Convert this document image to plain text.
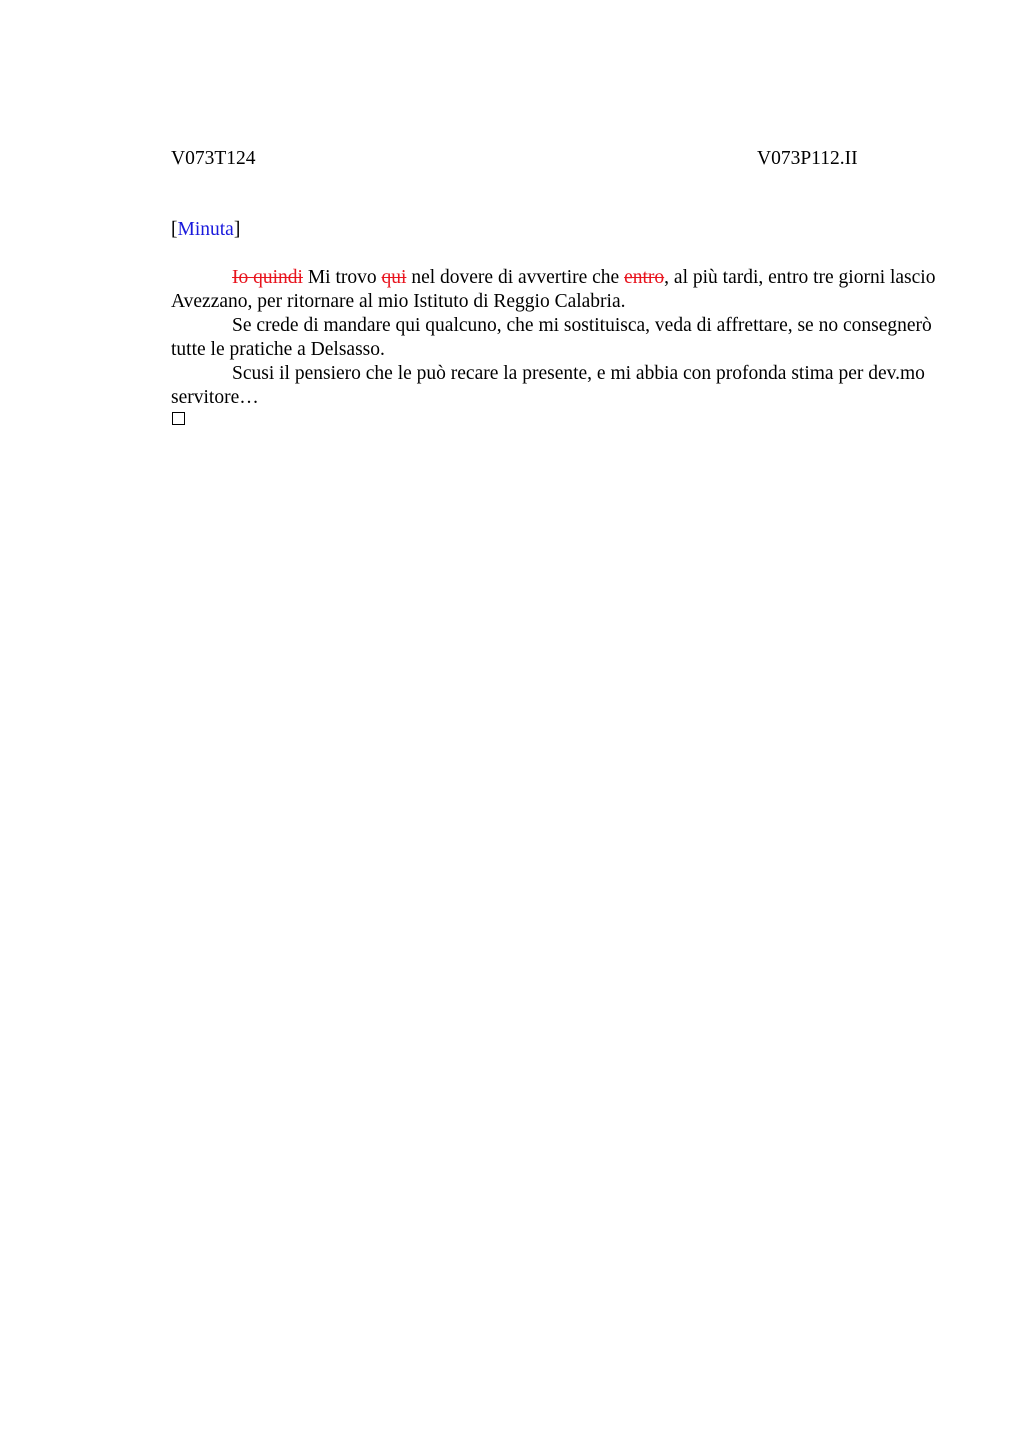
V073T124	V073P112.II
[Minuta]

Io quindi Mi trovo qui nel dovere di avvertire che entro, al più tardi, entro tre giorni lascio Avezzano, per ritornare al mio Istituto di Reggio Calabria.

Se crede di mandare qui qualcuno, che mi sostituisca, veda di affrettare, se no consegnerò tutte le pratiche a Delsasso.

Scusi il pensiero che le può recare la presente, e mi abbia con profonda stima per dev.mo servitore…
